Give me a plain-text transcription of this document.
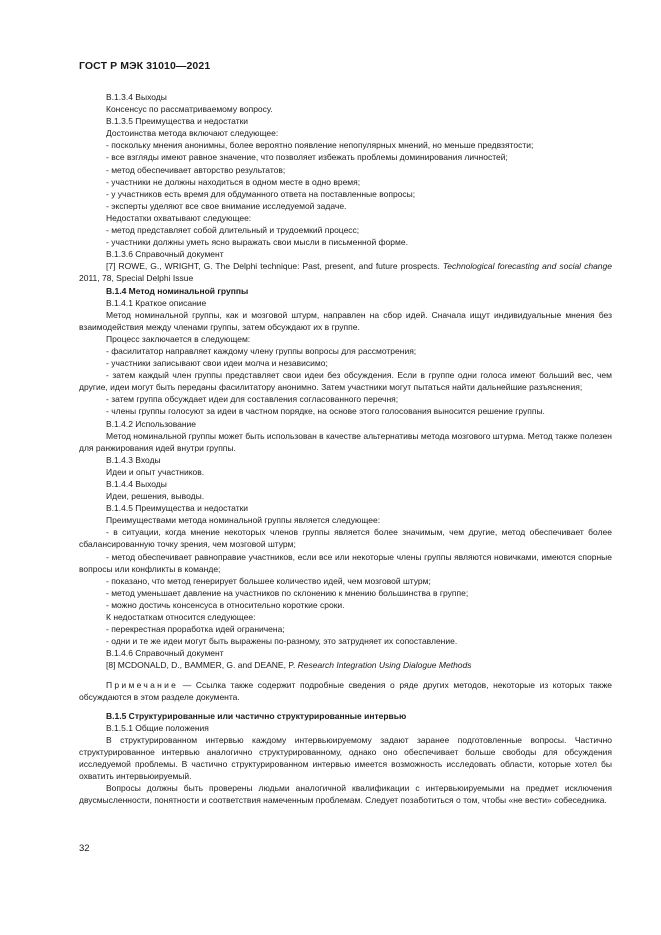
ГОСТ Р МЭК 31010—2021

В.1.3.4 Выходы

Консенсус по рассматриваемому вопросу.

В.1.3.5 Преимущества и недостатки

Достоинства метода включают следующее:

- поскольку мнения анонимны, более вероятно появление непопулярных мнений, но меньше предвзятости;

- все взгляды имеют равное значение, что позволяет избежать проблемы доминирования личностей;

- метод обеспечивает авторство результатов;

- участники не должны находиться в одном месте в одно время;

- у участников есть время для обдуманного ответа на поставленные вопросы;

- эксперты уделяют все свое внимание исследуемой задаче.

Недостатки охватывают следующее:

- метод представляет собой длительный и трудоемкий процесс;

- участники должны уметь ясно выражать свои мысли в письменной форме.

В.1.3.6 Справочный документ

[7] ROWE, G., WRIGHT, G. The Delphi technique: Past, present, and future prospects. Technological forecasting and social change 2011, 78, Special Delphi Issue

В.1.4 Метод номинальной группы

В.1.4.1 Краткое описание

Метод номинальной группы, как и мозговой штурм, направлен на сбор идей. Сначала ищут индивидуальные мнения без взаимодействия между членами группы, затем обсуждают их в группе.

Процесс заключается в следующем:

- фасилитатор направляет каждому члену группы вопросы для рассмотрения;

- участники записывают свои идеи молча и независимо;

- затем каждый член группы представляет свои идеи без обсуждения. Если в группе одни голоса имеют больший вес, чем другие, идеи могут быть переданы фасилитатору анонимно. Затем участники могут пытаться найти дальнейшие разъяснения;

- затем группа обсуждает идеи для составления согласованного перечня;

- члены группы голосуют за идеи в частном порядке, на основе этого голосования выносится решение группы.

В.1.4.2 Использование

Метод номинальной группы может быть использован в качестве альтернативы метода мозгового штурма. Метод также полезен для ранжирования идей внутри группы.

В.1.4.3 Входы

Идеи и опыт участников.

В.1.4.4 Выходы

Идеи, решения, выводы.

В.1.4.5 Преимущества и недостатки

Преимуществами метода номинальной группы является следующее:

- в ситуации, когда мнение некоторых членов группы является более значимым, чем другие, метод обеспечивает более сбалансированную точку зрения, чем мозговой штурм;

- метод обеспечивает равноправие участников, если все или некоторые члены группы являются новичками, имеются спорные вопросы или конфликты в команде;

- показано, что метод генерирует большее количество идей, чем мозговой штурм;

- метод уменьшает давление на участников по склонению к мнению большинства в группе;

- можно достичь консенсуса в относительно короткие сроки.

К недостаткам относится следующее:

- перекрестная проработка идей ограничена;

- одни и те же идеи могут быть выражены по-разному, это затрудняет их сопоставление.

В.1.4.6 Справочный документ

[8] MCDONALD, D., BAMMER, G. and DEANE, P. Research Integration Using Dialogue Methods

Примечание — Ссылка также содержит подробные сведения о ряде других методов, некоторые из которых также обсуждаются в этом разделе документа.

В.1.5 Структурированные или частично структурированные интервью

В.1.5.1 Общие положения

В структурированном интервью каждому интервьюируемому задают заранее подготовленные вопросы. Частично структурированное интервью аналогично структурированному, однако оно обеспечивает больше свободы для обсуждения исследуемой проблемы. В частично структурированном интервью имеется возможность исследовать области, которые хотел бы охватить интервьюируемый.

Вопросы должны быть проверены людьми аналогичной квалификации с интервьюируемыми на предмет исключения двусмысленности, понятности и соответствия намеченным проблемам. Следует позаботиться о том, чтобы «не вести» собеседника.

32
